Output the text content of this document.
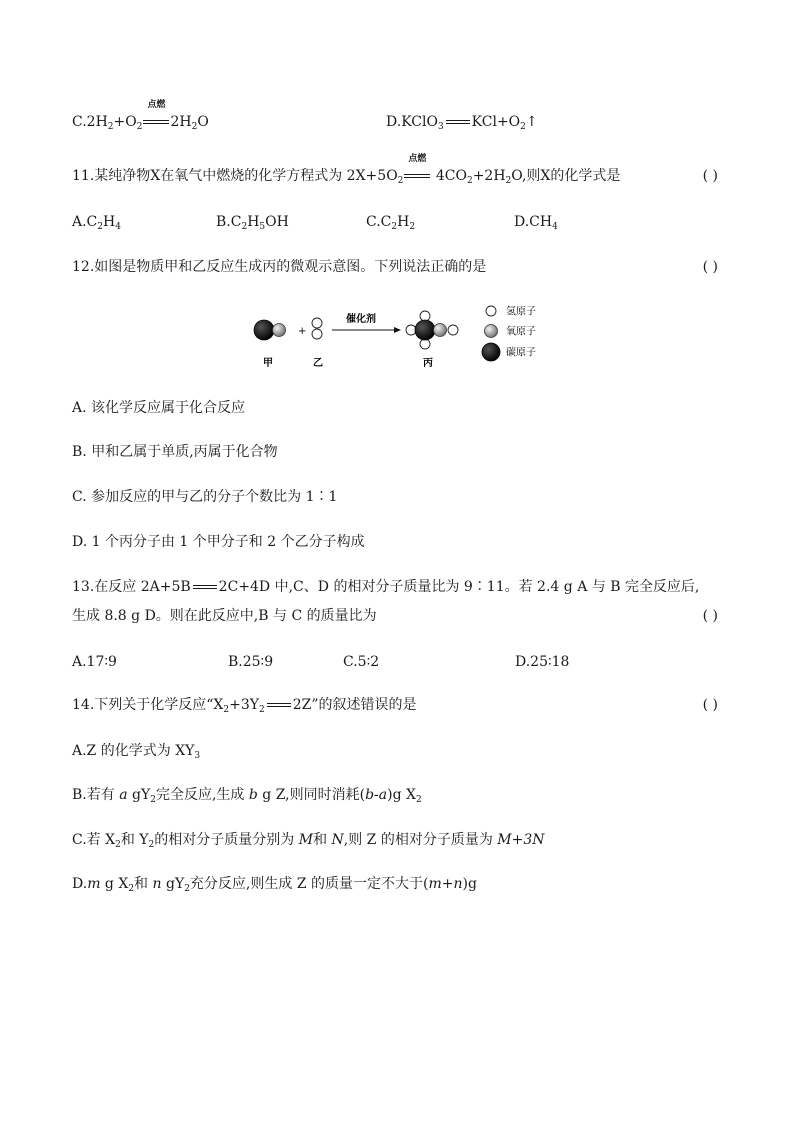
$C.2H_2+O_2$
点燃
$2H_2O$	D.KClO$_3$ $KCl+O_2↑$
11.某纯净物X在氧气中燃烧的化学方程式为 $2X+5O_2$
点燃
$4CO_2+2H_2O$,则X的化学式是	( )
$A.C_2H_4$	$B.C_2H_5OH$	$C.C_2H_2$	$D.CH_4$
12.如图是物质甲和乙反应生成丙的微观示意图。下列说法正确的是	( )
+
催化剂
甲	乙	丙
氢原子
氧原子
碳原子
A. 该化学反应属于化合反应
B. 甲和乙属于单质,丙属于化合物
C. 参加反应的甲与乙的分子个数比为 1∶1
D. 1 个丙分子由 1 个甲分子和 2 个乙分子构成
13.在反应 2A+5B 2C+4D 中,C、D 的相对分子质量比为 9∶11。若 2.4 g A 与 B 完全反应后,
生成 8.8 g D。则在此反应中,B 与 C 的质量比为	( )
A.17∶9	B.25∶9	C.5∶2	D.25∶18
14.下列关于化学反应“$X_2+3Y_2$ 2Z”的叙述错误的是	( )
A.Z 的化学式为 $XY_3$
B.若有 a $gY_2$完全反应,生成 b g Z,则同时消耗(b-a)g $X_2$
C.若 $X_2$和 $Y_2$的相对分子质量分别为 M和 N,则 Z 的相对分子质量为 M+3N
D.m g $X_2$和 n $gY_2$充分反应,则生成 Z 的质量一定不大于(m+n)g
